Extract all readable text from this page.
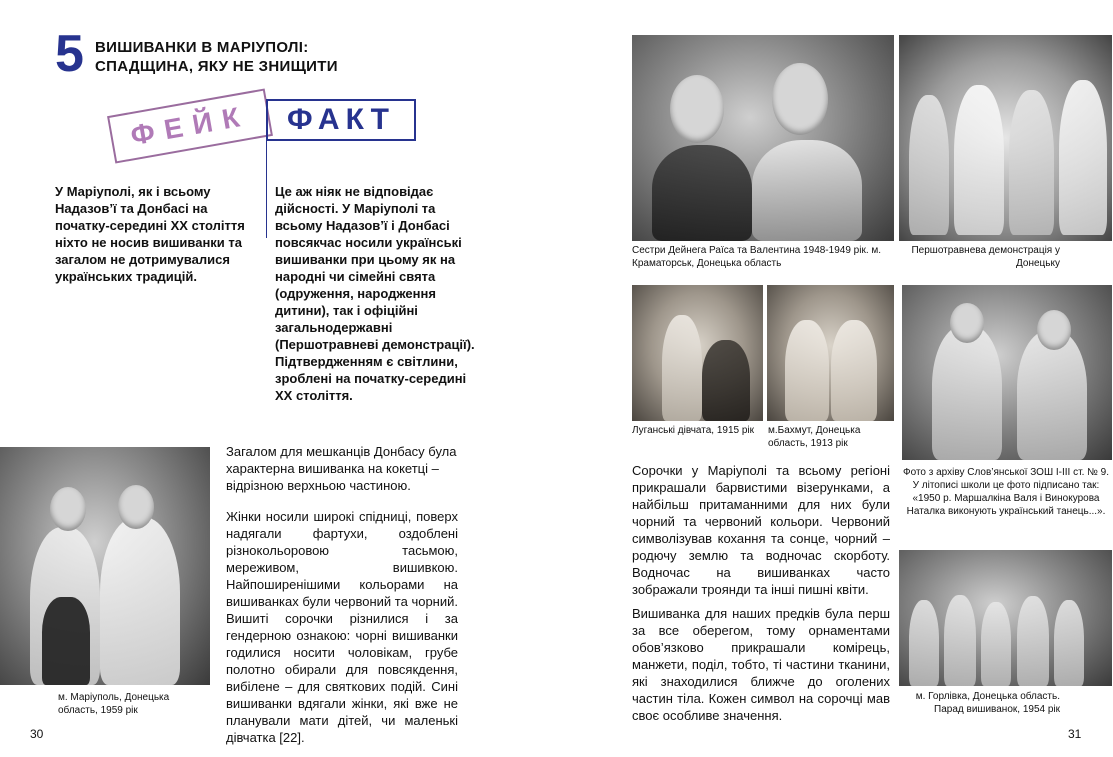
5 ВИШИВАНКИ В МАРІУПОЛІ:
СПАДЩИНА, ЯКУ НЕ ЗНИЩИТИ
ФЕЙК	ФАКТ
У Маріуполі, як і всьому Надазов’ї та Донбасі на початку-середині ХХ століття ніхто не носив вишиванки та загалом не дотримувалися українських традицій.
Це аж ніяк не відповідає дійсності. У Маріуполі та всьому Надазов’ї і Донбасі повсякчас носили українські вишиванки при цьому як на народні чи сімейні свята (одруження, народження дитини), так і офіційні загальнодержавні (Першотравневі демонстрації). Підтвердженням є світлини, зроблені на початку-середині ХХ століття.
м. Маріуполь, Донецька область, 1959 рік
Загалом для мешканців Донбасу була характерна вишиванка на кокетці – відрізною верхньою частиною.
Жінки носили широкі спідниці, поверх надягали фартухи, оздоблені різнокольоровою тасьмою, мереживом, вишивкою. Найпоширенішими кольорами на вишиванках були червоний та чорний. Вишиті сорочки різнилися і за гендерною ознакою: чорні вишиванки годилися носити чоловікам, грубе полотно обирали для повсякдення, вибілене – для святкових подій. Сині вишиванки вдягали жінки, які вже не планували мати дітей, чи маленькі дівчатка [22].
30
Сестри Дейнега Раїса та Валентина 1948-1949 рік. м. Краматорськ, Донецька область
Першотравнева демонстрація у Донецьку
Луганські дівчата, 1915 рік	м.Бахмут, Донецька область, 1913 рік
Фото з архіву Слов’янської ЗОШ І-ІІІ ст. № 9. У літописі школи це фото підписано так: «1950 р. Маршалкіна Валя і Винокурова Наталка виконують український танець...».
м. Горлівка, Донецька область. Парад вишиванок, 1954 рік
Сорочки у Маріуполі та всьому регіоні прикрашали барвистими візерунками, а найбільш притаманними для них були чорний та червоний кольори. Червоний символізував кохання та сонце, чорний – родючу землю та водночас скорботу. Водночас на вишиванках часто зображали троянди та інші пишні квіти.
Вишиванка для наших предків була перш за все оберегом, тому орнаментами обов’язково прикрашали комірець, манжети, поділ, тобто, ті частини тканини, які знаходилися ближче до оголених частин тіла. Кожен символ на сорочці мав своє особливе значення.
31
